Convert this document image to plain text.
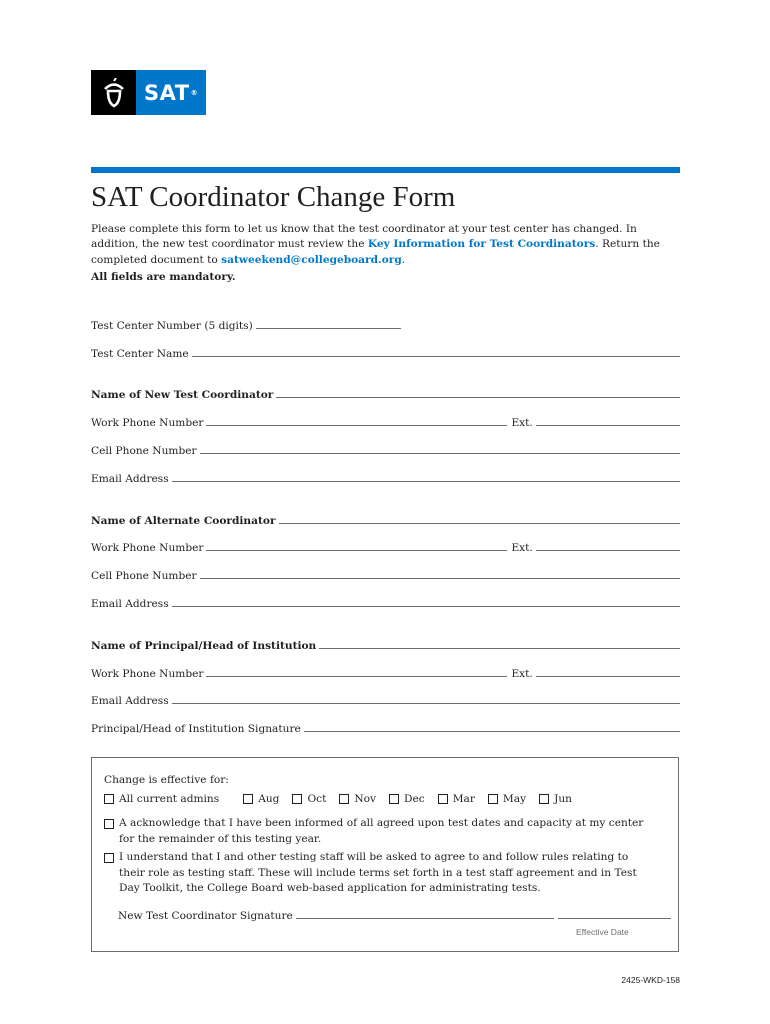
SAT ®
SAT Coordinator Change Form
Please complete this form to let us know that the test coordinator at your test center has changed. In addition, the new test coordinator must review the Key Information for Test Coordinators. Return the completed document to satweekend@collegeboard.org.
All fields are mandatory.
Test Center Number (5 digits)
Test Center Name
Name of New Test Coordinator
Work Phone Number	Ext.
Cell Phone Number
Email Address
Name of Alternate Coordinator
Work Phone Number	Ext.
Cell Phone Number
Email Address
Name of Principal/Head of Institution
Work Phone Number	Ext.
Email Address
Principal/Head of Institution Signature
Change is effective for:
All current admins	Aug	Oct	Nov	Dec	Mar	May	Jun
A acknowledge that I have been informed of all agreed upon test dates and capacity at my center for the remainder of this testing year.
I understand that I and other testing staff will be asked to agree to and follow rules relating to their role as testing staff. These will include terms set forth in a test staff agreement and in Test Day Toolkit, the College Board web-based application for administrating tests.
New Test Coordinator Signature
Effective Date
2425-WKD-158
